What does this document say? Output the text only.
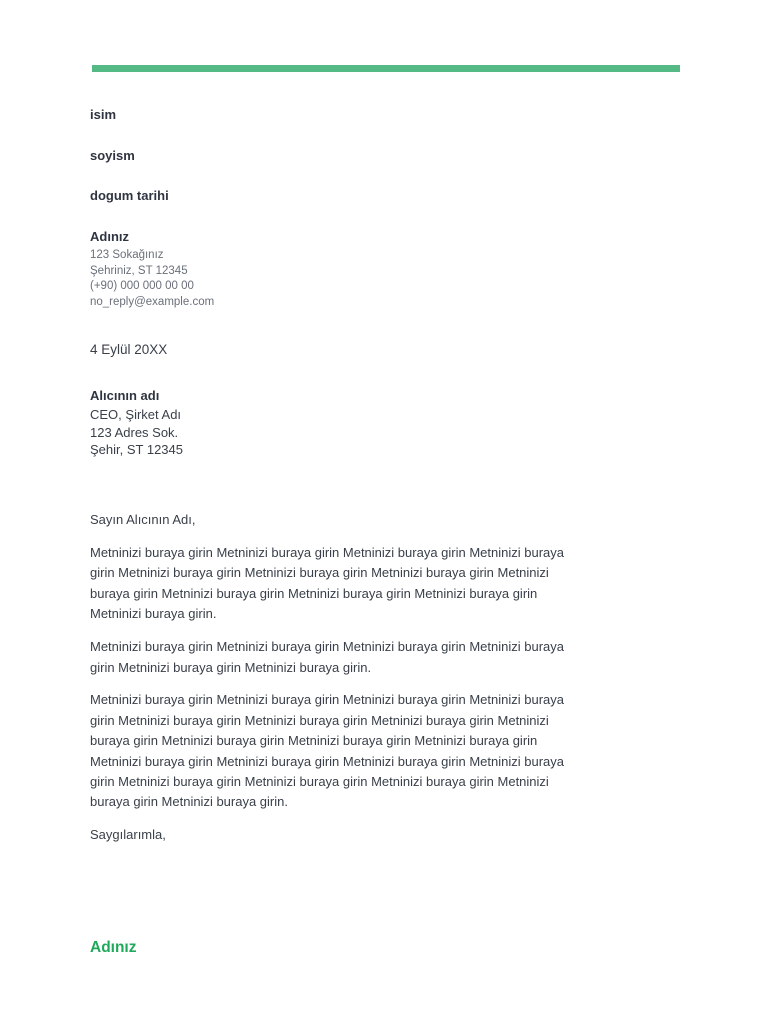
isim
soyism
dogum tarihi
Adınız
123 Sokağınız
Şehriniz, ST 12345
(+90) 000 000 00 00
no_reply@example.com
4 Eylül 20XX
Alıcının adı
CEO, Şirket Adı
123 Adres Sok.
Şehir, ST 12345

Sayın Alıcının Adı,

Metninizi buraya girin Metninizi buraya girin Metninizi buraya girin Metninizi buraya girin Metninizi buraya girin Metninizi buraya girin Metninizi buraya girin Metninizi buraya girin Metninizi buraya girin Metninizi buraya girin Metninizi buraya girin Metninizi buraya girin.

Metninizi buraya girin Metninizi buraya girin Metninizi buraya girin Metninizi buraya girin Metninizi buraya girin Metninizi buraya girin.

Metninizi buraya girin Metninizi buraya girin Metninizi buraya girin Metninizi buraya girin Metninizi buraya girin Metninizi buraya girin Metninizi buraya girin Metninizi buraya girin Metninizi buraya girin Metninizi buraya girin Metninizi buraya girin Metninizi buraya girin Metninizi buraya girin Metninizi buraya girin Metninizi buraya girin Metninizi buraya girin Metninizi buraya girin Metninizi buraya girin Metninizi buraya girin Metninizi buraya girin.

Saygılarımla,

Adınız
